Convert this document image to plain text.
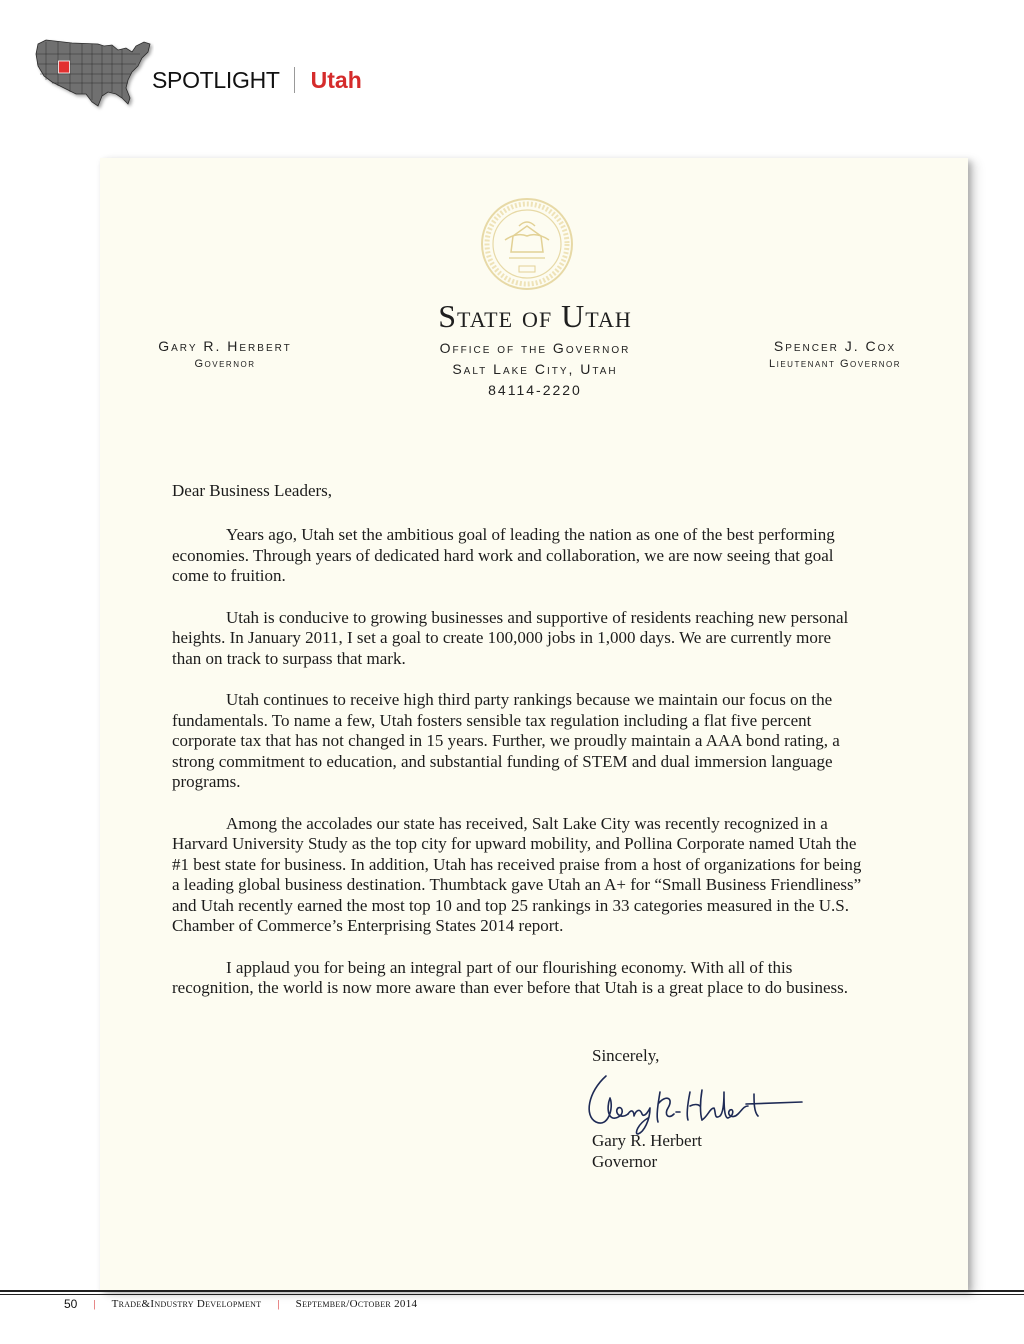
SPOTLIGHT Utah
State of Utah
Office of the Governor
Salt Lake City, Utah
84114-2220
Gary R. Herbert
Governor
Spencer J. Cox
Lieutenant Governor
Dear Business Leaders,

Years ago, Utah set the ambitious goal of leading the nation as one of the best performing economies. Through years of dedicated hard work and collaboration, we are now seeing that goal come to fruition.

Utah is conducive to growing businesses and supportive of residents reaching new personal heights. In January 2011, I set a goal to create 100,000 jobs in 1,000 days. We are currently more than on track to surpass that mark.

Utah continues to receive high third party rankings because we maintain our focus on the fundamentals. To name a few, Utah fosters sensible tax regulation including a flat five percent corporate tax that has not changed in 15 years. Further, we proudly maintain a AAA bond rating, a strong commitment to education, and substantial funding of STEM and dual immersion language programs.

Among the accolades our state has received, Salt Lake City was recently recognized in a Harvard University Study as the top city for upward mobility, and Pollina Corporate named Utah the #1 best state for business. In addition, Utah has received praise from a host of organizations for being a leading global business destination. Thumbtack gave Utah an A+ for “Small Business Friendliness” and Utah recently earned the most top 10 and top 25 rankings in 33 categories measured in the U.S. Chamber of Commerce’s Enterprising States 2014 report.

I applaud you for being an integral part of our flourishing economy. With all of this recognition, the world is now more aware than ever before that Utah is a great place to do business.

Sincerely,
Gary R. Herbert
Governor
50 | Trade&Industry Development | September/October 2014
